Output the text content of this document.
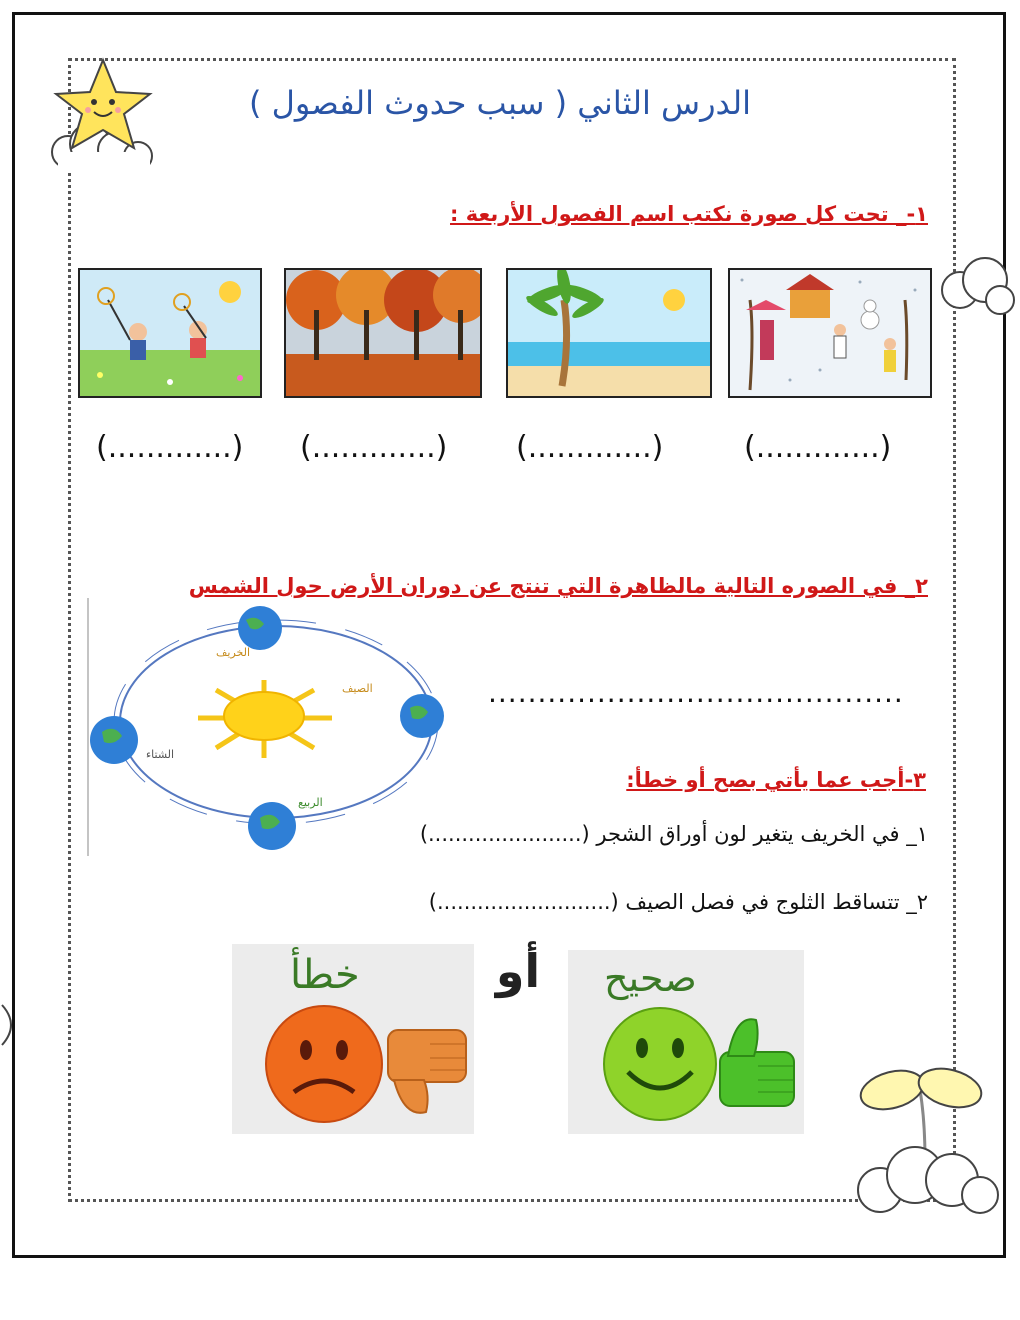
الدرس الثاني ( سبب حدوث الفصول )
١-_ تحت كل صورة نكتب اسم الفصول الأربعة :
(.............) (.............) (.............)	(.............)
٢_ في الصوره التالية مالظاهرة التي تنتج عن دوران الأرض حول الشمس
الخريف
الصيف
الشتاء
الربيع
..........................................
٣-أجب عما يأتي بصح أو خطأ:
١_ في الخريف يتغير لون أوراق الشجر (.......................)
٢_ تتساقط الثلوج في فصل الصيف (..........................)
خطأ	أو صحيح
